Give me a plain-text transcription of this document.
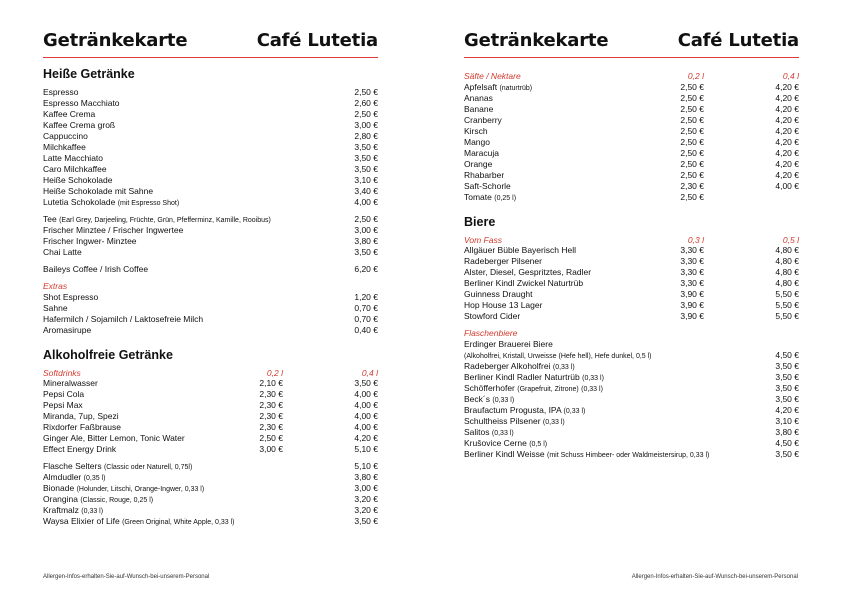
Getränkekarte	Café Lutetia
Heiße Getränke
Espresso	2,50 €
Espresso Macchiato	2,60 €
Kaffee Crema	2,50 €
Kaffee Crema groß	3,00 €
Cappuccino	2,80 €
Milchkaffee	3,50 €
Latte Macchiato	3,50 €
Caro Milchkaffee	3,50 €
Heiße Schokolade	3,10 €
Heiße Schokolade mit Sahne	3,40 €
Lutetia Schokolade (mit Espresso Shot)	4,00 €
Tee (Earl Grey, Darjeeling, Früchte, Grün, Pfefferminz, Kamille, Rooibus)	2,50 €
Frischer Minztee / Frischer Ingwertee	3,00 €
Frischer Ingwer- Minztee	3,80 €
Chai Latte	3,50 €
Baileys Coffee / Irish Coffee	6,20 €
Extras
Shot Espresso	1,20 €
Sahne	0,70 €
Hafermilch / Sojamilch / Laktosefreie Milch	0,70 €
Aromasirupe	0,40 €
Alkoholfreie Getränke
Softdrinks	0,2 l	0,4 l
Mineralwasser	2,10 €	3,50 €
Pepsi Cola	2,30 €	4,00 €
Pepsi Max	2,30 €	4,00 €
Miranda, 7up, Spezi	2,30 €	4,00 €
Rixdorfer Faßbrause	2,30 €	4,00 €
Ginger Ale, Bitter Lemon, Tonic Water	2,50 €	4,20 €
Effect Energy Drink	3,00 €	5,10 €
Flasche Selters (Classic oder Naturell, 0,75l)	5,10 €
Almdudler (0,35 l)	3,80 €
Bionade (Holunder, Litschi, Orange-Ingwer, 0,33 l)	3,00 €
Orangina (Classic, Rouge, 0,25 l)	3,20 €
Kraftmalz (0,33 l)	3,20 €
Waysa Elixier of Life (Green Original, White Apple, 0,33 l)	3,50 €
Allergen-Infos-erhalten-Sie-auf-Wunsch-bei-unserem-Personal
Getränkekarte	Café Lutetia
Säfte / Nektare	0,2 l	0,4 l
Apfelsaft (naturtrüb)	2,50 €	4,20 €
Ananas	2,50 €	4,20 €
Banane	2,50 €	4,20 €
Cranberry	2,50 €	4,20 €
Kirsch	2,50 €	4,20 €
Mango	2,50 €	4,20 €
Maracuja	2,50 €	4,20 €
Orange	2,50 €	4,20 €
Rhabarber	2,50 €	4,20 €
Saft-Schorle	2,30 €	4,00 €
Tomate (0,25 l)	2,50 €
Biere
Vom Fass	0,3 l	0,5 l
Allgäuer Büble Bayerisch Hell	3,30 €	4,80 €
Radeberger Pilsener	3,30 €	4,80 €
Alster, Diesel, Gespritztes, Radler	3,30 €	4,80 €
Berliner Kindl Zwickel Naturtrüb	3,30 €	4,80 €
Guinness Draught	3,90 €	5,50 €
Hop House 13 Lager	3,90 €	5,50 €
Stowford Cider	3,90 €	5,50 €
Flaschenbiere
Erdinger Brauerei Biere
(Alkoholfrei, Kristall, Urweisse (Hefe hell), Hefe dunkel, 0,5 l)	4,50 €
Radeberger Alkoholfrei (0,33 l)	3,50 €
Berliner Kindl Radler Naturtrüb (0,33 l)	3,50 €
Schöfferhofer (Grapefruit, Zitrone) (0,33 l)	3,50 €
Beck´s (0,33 l)	3,50 €
Braufactum Progusta, IPA (0,33 l)	4,20 €
Schultheiss Pilsener (0,33 l)	3,10 €
Salitos (0,33 l)	3,80 €
Krušovice Cerne (0,5 l)	4,50 €
Berliner Kindl Weisse (mit Schuss Himbeer- oder Waldmeistersirup, 0,33 l)	3,50 €
Allergen-Infos-erhalten-Sie-auf-Wunsch-bei-unserem-Personal
